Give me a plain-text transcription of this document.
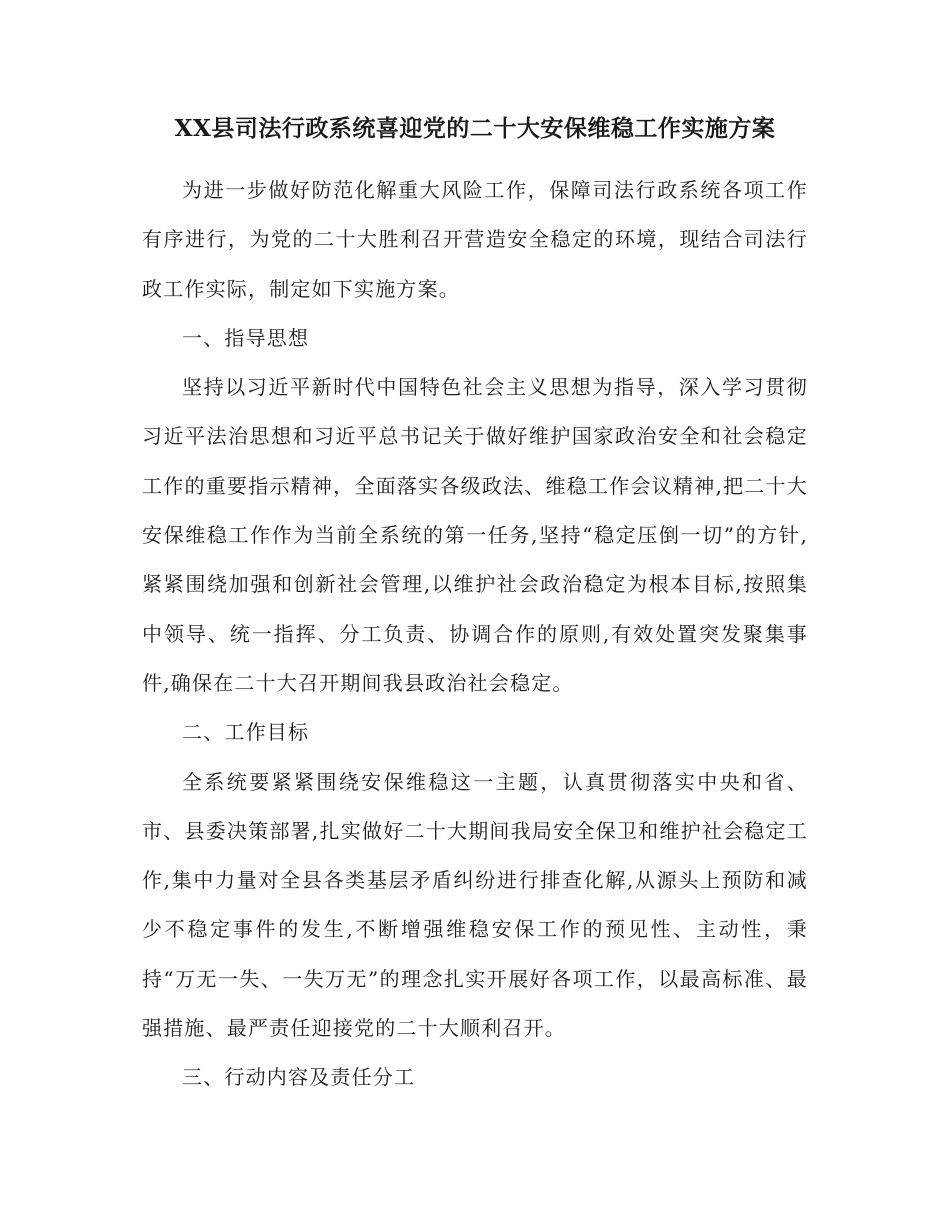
XX县司法行政系统喜迎党的二十大安保维稳工作实施方案

为进一步做好防范化解重大风险工作，保障司法行政系统各项工作有序进行，为党的二十大胜利召开营造安全稳定的环境，现结合司法行政工作实际，制定如下实施方案。

一、指导思想

坚持以习近平新时代中国特色社会主义思想为指导，深入学习贯彻习近平法治思想和习近平总书记关于做好维护国家政治安全和社会稳定工作的重要指示精神，全面落实各级政法、维稳工作会议精神,把二十大安保维稳工作作为当前全系统的第一任务,坚持“稳定压倒一切”的方针,紧紧围绕加强和创新社会管理,以维护社会政治稳定为根本目标,按照集中领导、统一指挥、分工负责、协调合作的原则,有效处置突发聚集事件,确保在二十大召开期间我县政治社会稳定。

二、工作目标

全系统要紧紧围绕安保维稳这一主题，认真贯彻落实中央和省、市、县委决策部署,扎实做好二十大期间我局安全保卫和维护社会稳定工作,集中力量对全县各类基层矛盾纠纷进行排查化解,从源头上预防和减少不稳定事件的发生,不断增强维稳安保工作的预见性、主动性，秉持“万无一失、一失万无”的理念扎实开展好各项工作，以最高标准、最强措施、最严责任迎接党的二十大顺利召开。

三、行动内容及责任分工
